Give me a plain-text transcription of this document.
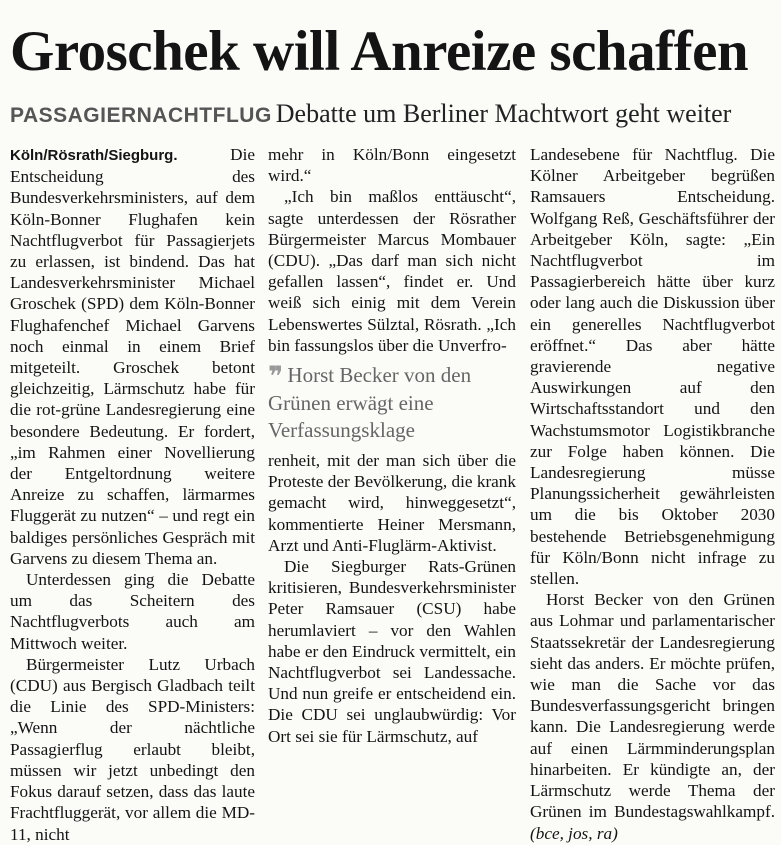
Groschek will Anreize schaffen
PASSAGIERNACHTFLUG Debatte um Berliner Machtwort geht weiter

Köln/Rösrath/Siegburg. Die Entscheidung des Bundesverkehrsministers, auf dem Köln-Bonner Flughafen kein Nachtflugverbot für Passagierjets zu erlassen, ist bindend. Das hat Landesverkehrsminister Michael Groschek (SPD) dem Köln-Bonner Flughafenchef Michael Garvens noch einmal in einem Brief mitgeteilt. Groschek betont gleichzeitig, Lärmschutz habe für die rot-grüne Landesregierung eine besondere Bedeutung. Er fordert, „im Rahmen einer Novellierung der Entgeltordnung weitere Anreize zu schaffen, lärmarmes Fluggerät zu nutzen“ – und regt ein baldiges persönliches Gespräch mit Garvens zu diesem Thema an.

Unterdessen ging die Debatte um das Scheitern des Nachtflugverbots auch am Mittwoch weiter.

Bürgermeister Lutz Urbach (CDU) aus Bergisch Gladbach teilt die Linie des SPD-Ministers: „Wenn der nächtliche Passagierflug erlaubt bleibt, müssen wir jetzt unbedingt den Fokus darauf setzen, dass das laute Frachtfluggerät, vor allem die MD-11, nicht

mehr in Köln/Bonn eingesetzt wird.“

„Ich bin maßlos enttäuscht“, sagte unterdessen der Rösrather Bürgermeister Marcus Mombauer (CDU). „Das darf man sich nicht gefallen lassen“, findet er. Und weiß sich einig mit dem Verein Lebenswertes Sülztal, Rösrath. „Ich bin fassungslos über die Unverfro-

❜❜ Horst Becker von den Grünen erwägt eine Verfassungsklage

renheit, mit der man sich über die Proteste der Bevölkerung, die krank gemacht wird, hinweggesetzt“, kommentierte Heiner Mersmann, Arzt und Anti-Fluglärm-Aktivist.

Die Siegburger Rats-Grünen kritisieren, Bundesverkehrsminister Peter Ramsauer (CSU) habe herumlaviert – vor den Wahlen habe er den Eindruck vermittelt, ein Nachtflugverbot sei Landessache. Und nun greife er entscheidend ein. Die CDU sei unglaubwürdig: Vor Ort sei sie für Lärmschutz, auf

Landesebene für Nachtflug. Die Kölner Arbeitgeber begrüßen Ramsauers Entscheidung. Wolfgang Reß, Geschäftsführer der Arbeitgeber Köln, sagte: „Ein Nachtflugverbot im Passagierbereich hätte über kurz oder lang auch die Diskussion über ein generelles Nachtflugverbot eröffnet.“ Das aber hätte gravierende negative Auswirkungen auf den Wirtschaftsstandort und den Wachstumsmotor Logistikbranche zur Folge haben können. Die Landesregierung müsse Planungssicherheit gewährleisten um die bis Oktober 2030 bestehende Betriebsgenehmigung für Köln/Bonn nicht infrage zu stellen.

Horst Becker von den Grünen aus Lohmar und parlamentarischer Staatssekretär der Landesregierung sieht das anders. Er möchte prüfen, wie man die Sache vor das Bundesverfassungsgericht bringen kann. Die Landesregierung werde auf einen Lärmminderungsplan hinarbeiten. Er kündigte an, der Lärmschutz werde Thema der Grünen im Bundestagswahlkampf. (bce, jos, ra)
